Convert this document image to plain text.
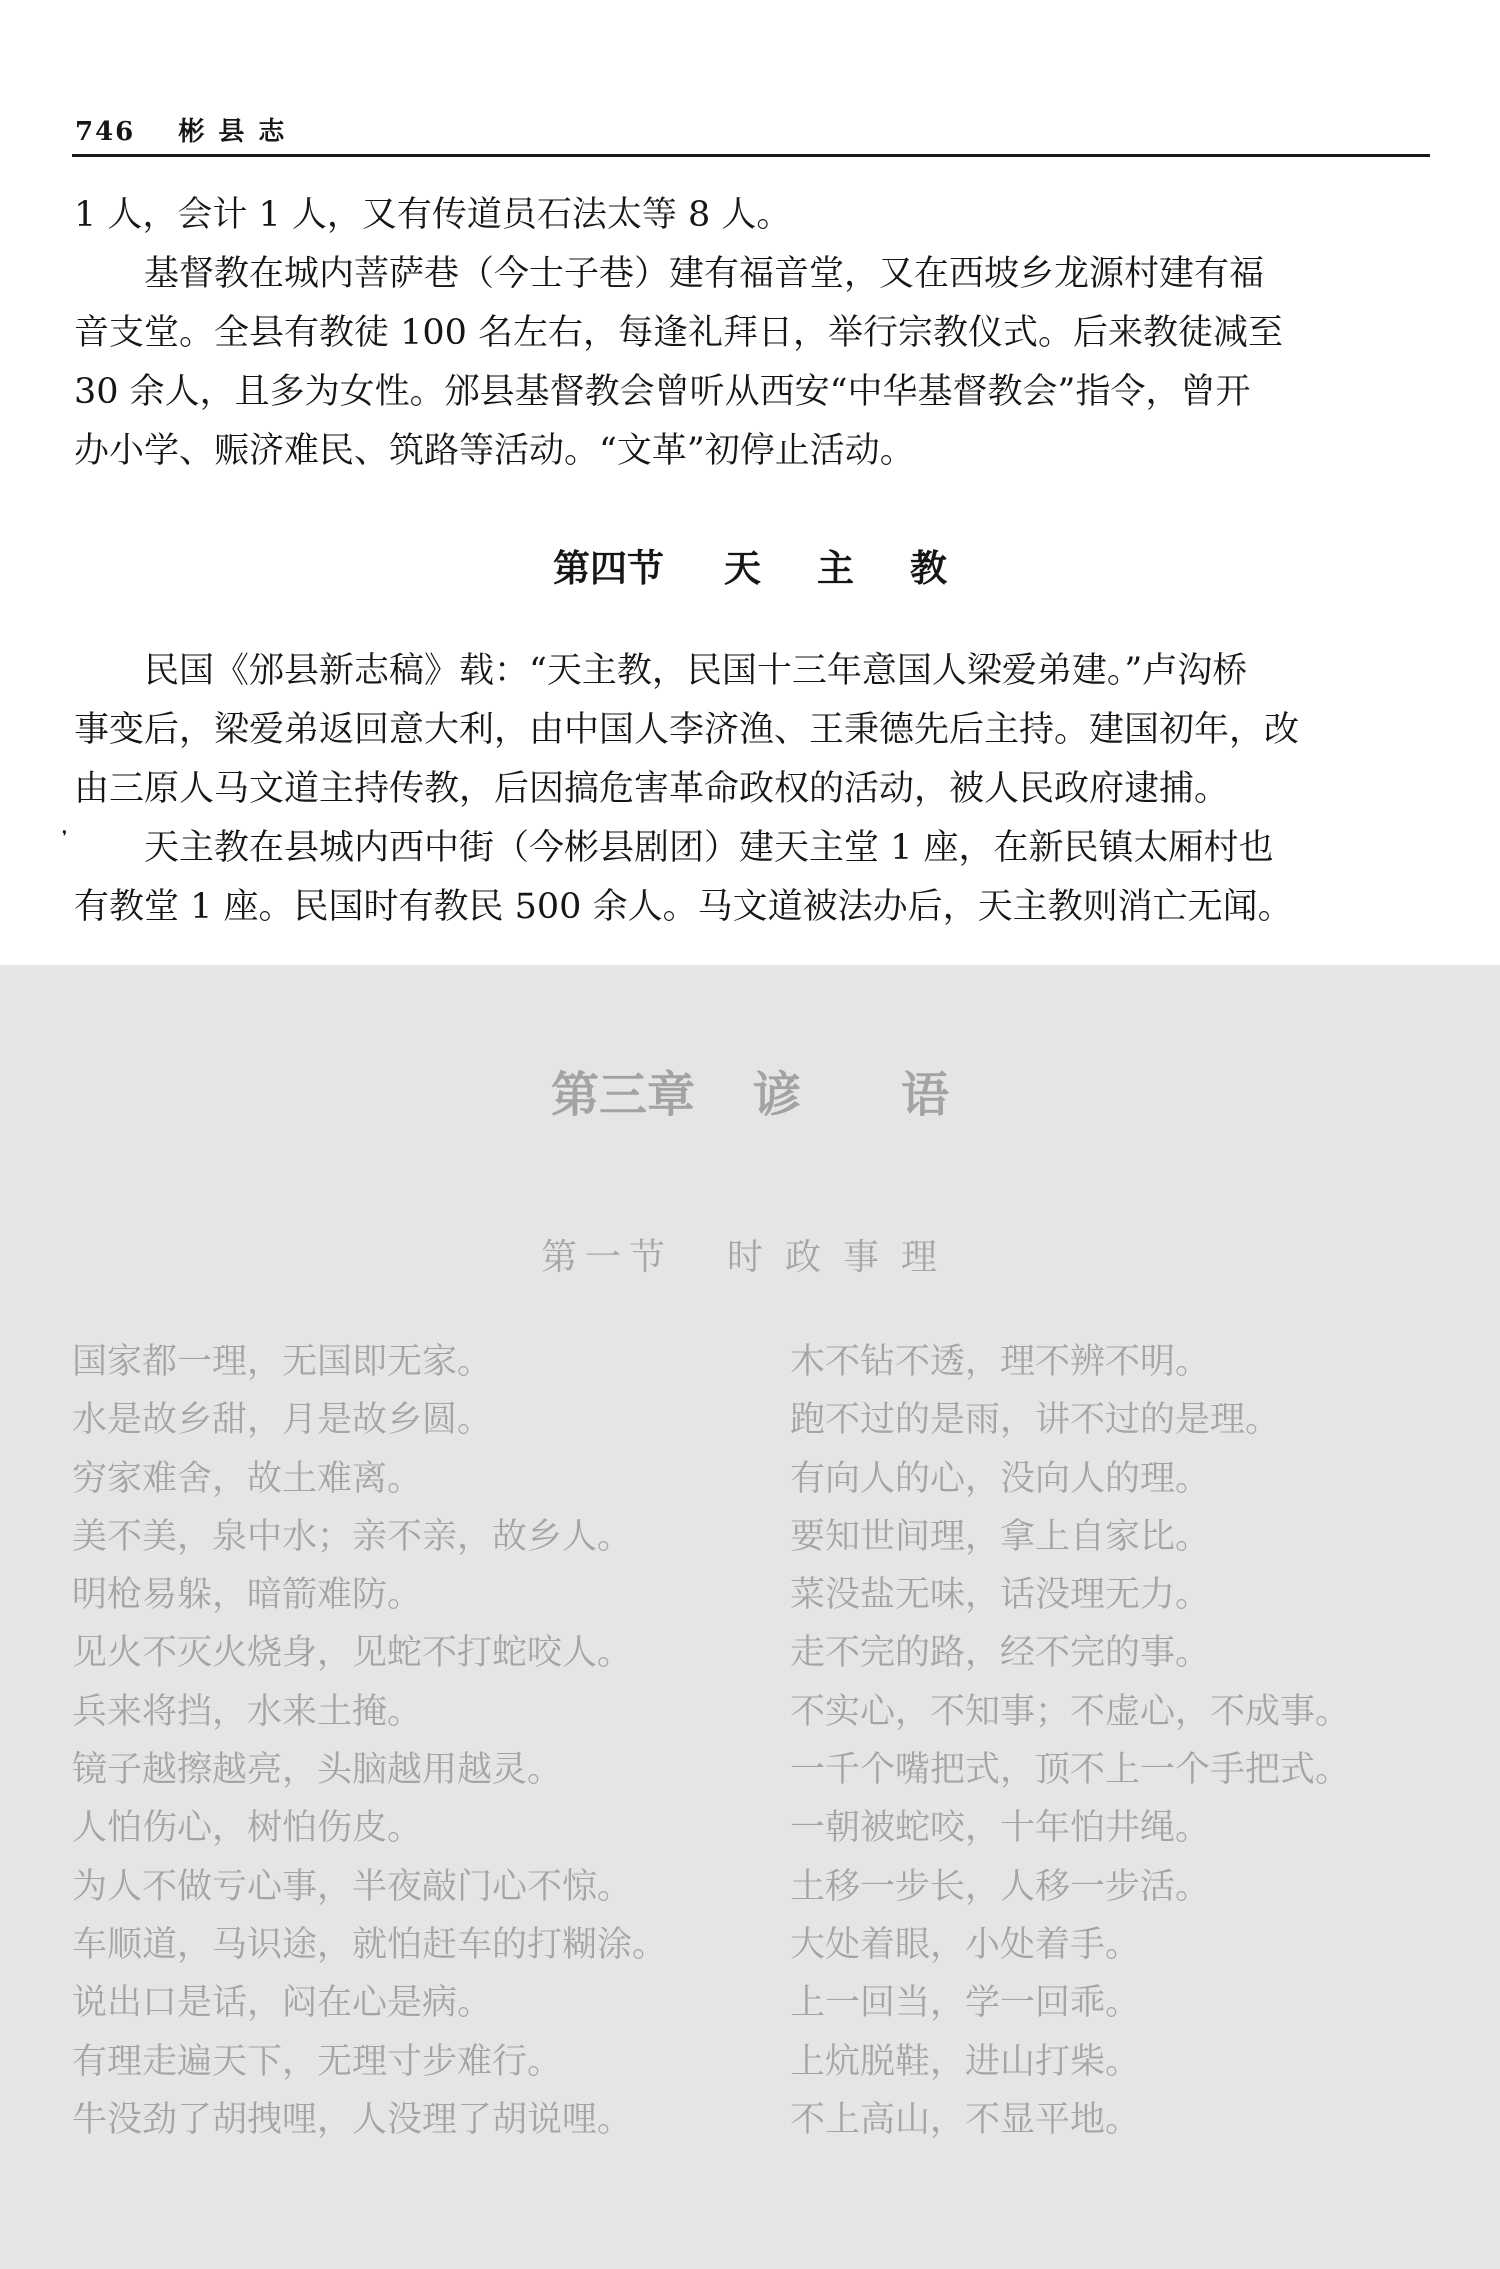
746 彬县志
1 人，会计 1 人，又有传道员石法太等 8 人。
　　基督教在城内菩萨巷（今士子巷）建有福音堂，又在西坡乡龙源村建有福
音支堂。全县有教徒 100 名左右，每逢礼拜日，举行宗教仪式。后来教徒减至
30 余人，且多为女性。邠县基督教会曾听从西安“中华基督教会”指令，曾开
办小学、赈济难民、筑路等活动。“文革”初停止活动。
第四节 天 主 教
　　民国《邠县新志稿》载：“天主教，民国十三年意国人梁爱弟建。”卢沟桥
事变后，梁爱弟返回意大利，由中国人李济渔、王秉德先后主持。建国初年，改
由三原人马文道主持传教，后因搞危害革命政权的活动，被人民政府逮捕。
　　天主教在县城内西中街（今彬县剧团）建天主堂 1 座，在新民镇太厢村也
有教堂 1 座。民国时有教民 500 余人。马文道被法办后，天主教则消亡无闻。
❜
第三章 谚 语
第一节 时政事理
国家都一理，无国即无家。
水是故乡甜，月是故乡圆。
穷家难舍，故土难离。
美不美，泉中水；亲不亲，故乡人。
明枪易躲，暗箭难防。
见火不灭火烧身，见蛇不打蛇咬人。
兵来将挡，水来土掩。
镜子越擦越亮，头脑越用越灵。
人怕伤心，树怕伤皮。
为人不做亏心事，半夜敲门心不惊。
车顺道，马识途，就怕赶车的打糊涂。
说出口是话，闷在心是病。
有理走遍天下，无理寸步难行。
牛没劲了胡拽哩，人没理了胡说哩。
木不钻不透，理不辨不明。
跑不过的是雨，讲不过的是理。
有向人的心，没向人的理。
要知世间理，拿上自家比。
菜没盐无味，话没理无力。
走不完的路，经不完的事。
不实心，不知事；不虚心，不成事。
一千个嘴把式，顶不上一个手把式。
一朝被蛇咬，十年怕井绳。
土移一步长，人移一步活。
大处着眼，小处着手。
上一回当，学一回乖。
上炕脱鞋，进山打柴。
不上高山，不显平地。
